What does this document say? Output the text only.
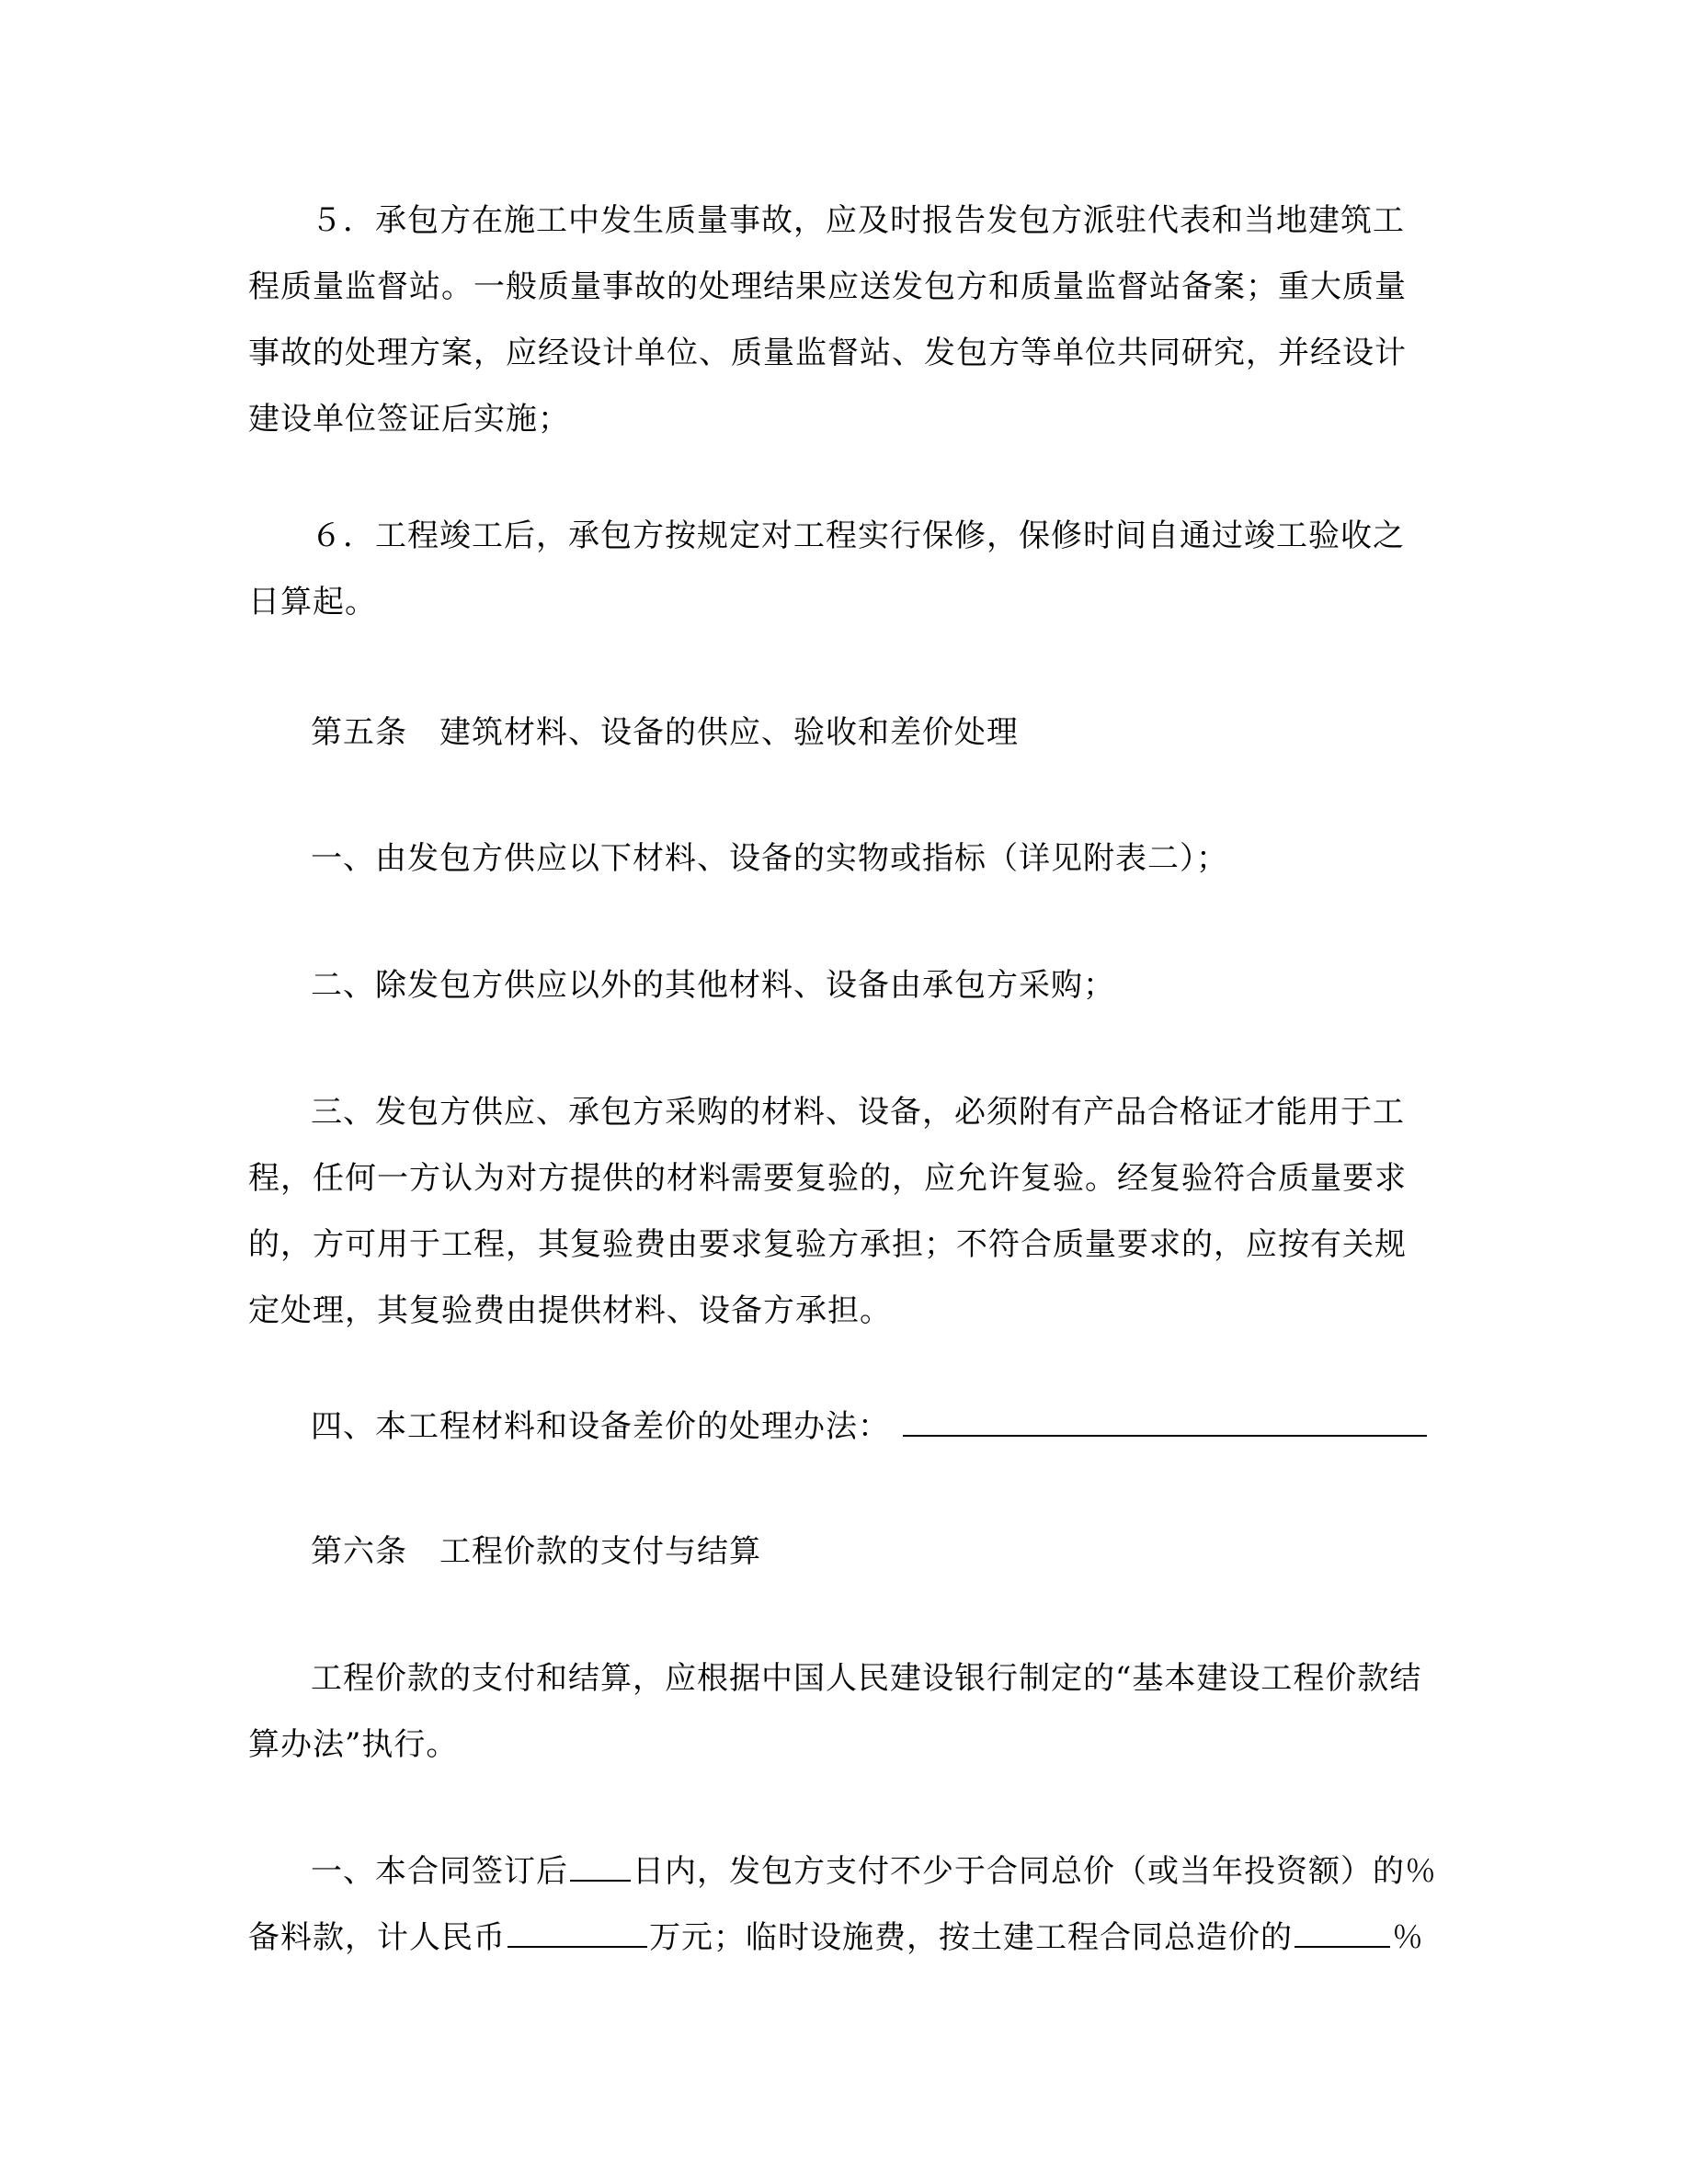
５．承包方在施工中发生质量事故，应及时报告发包方派驻代表和当地建筑工
程质量监督站。一般质量事故的处理结果应送发包方和质量监督站备案；重大质量
事故的处理方案，应经设计单位、质量监督站、发包方等单位共同研究，并经设计
建设单位签证后实施；

６．工程竣工后，承包方按规定对工程实行保修，保修时间自通过竣工验收之
日算起。

第五条　建筑材料、设备的供应、验收和差价处理

一、由发包方供应以下材料、设备的实物或指标（详见附表二）；

二、除发包方供应以外的其他材料、设备由承包方采购；

三、发包方供应、承包方采购的材料、设备，必须附有产品合格证才能用于工
程，任何一方认为对方提供的材料需要复验的，应允许复验。经复验符合质量要求
的，方可用于工程，其复验费由要求复验方承担；不符合质量要求的，应按有关规
定处理，其复验费由提供材料、设备方承担。

四、本工程材料和设备差价的处理办法：

第六条　工程价款的支付与结算

工程价款的支付和结算，应根据中国人民建设银行制定的“基本建设工程价款结
算办法”执行。

一、本合同签订后 日内，发包方支付不少于合同总价（或当年投资额）的％
备料款，计人民币	万元；临时设施费，按土建工程合同总造价的	％
